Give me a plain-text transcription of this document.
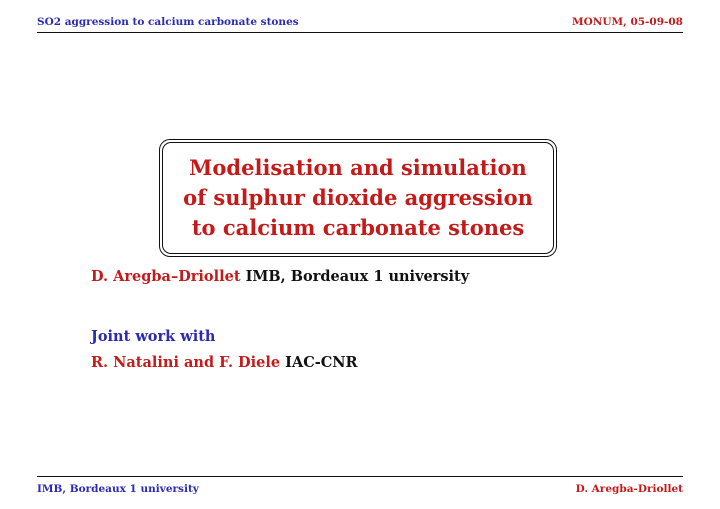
SO2 aggression to calcium carbonate stones	MONUM, 05-09-08
Modelisation and simulation
of sulphur dioxide aggression
to calcium carbonate stones
D. Aregba–Driollet IMB, Bordeaux 1 university
Joint work with
R. Natalini and F. Diele IAC-CNR
IMB, Bordeaux 1 university	D. Aregba-Driollet
